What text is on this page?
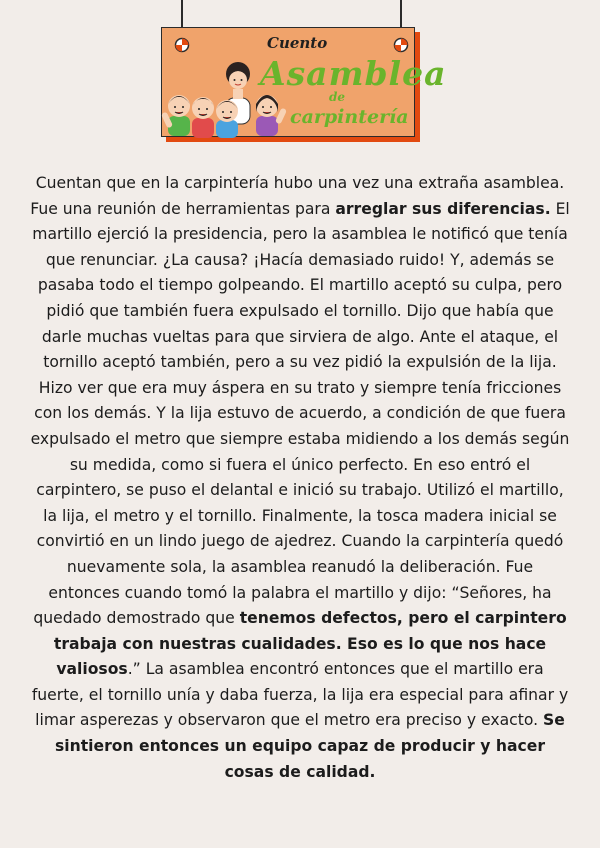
Cuento
Asamblea
de
carpintería

Cuentan que en la carpintería hubo una vez una extraña asamblea. Fue una reunión de herramientas para arreglar sus diferencias. El martillo ejerció la presidencia, pero la asamblea le notificó que tenía que renunciar. ¿La causa? ¡Hacía demasiado ruido! Y, además se pasaba todo el tiempo golpeando. El martillo aceptó su culpa, pero pidió que también fuera expulsado el tornillo. Dijo que había que darle muchas vueltas para que sirviera de algo. Ante el ataque, el tornillo aceptó también, pero a su vez pidió la expulsión de la lija. Hizo ver que era muy áspera en su trato y siempre tenía fricciones con los demás. Y la lija estuvo de acuerdo, a condición de que fuera expulsado el metro que siempre estaba midiendo a los demás según su medida, como si fuera el único perfecto. En eso entró el carpintero, se puso el delantal e inició su trabajo. Utilizó el martillo, la lija, el metro y el tornillo. Finalmente, la tosca madera inicial se convirtió en un lindo juego de ajedrez. Cuando la carpintería quedó nuevamente sola, la asamblea reanudó la deliberación. Fue entonces cuando tomó la palabra el martillo y dijo: “Señores, ha quedado demostrado que tenemos defectos, pero el carpintero trabaja con nuestras cualidades. Eso es lo que nos hace valiosos.” La asamblea encontró entonces que el martillo era fuerte, el tornillo unía y daba fuerza, la lija era especial para afinar y limar asperezas y observaron que el metro era preciso y exacto. Se sintieron entonces un equipo capaz de producir y hacer cosas de calidad.
